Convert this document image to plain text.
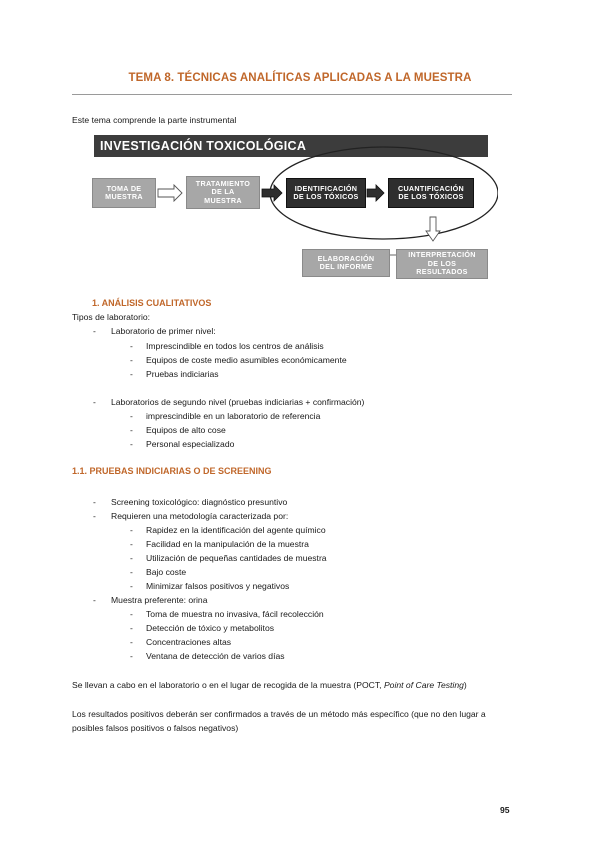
TEMA 8. TÉCNICAS ANALÍTICAS APLICADAS A LA MUESTRA
Este tema comprende la parte instrumental
INVESTIGACIÓN TOXICOLÓGICA
TOMA DE
MUESTRA
TRATAMIENTO
DE LA
MUESTRA
IDENTIFICACIÓN
DE LOS TÓXICOS
CUANTIFICACIÓN
DE LOS TÓXICOS
ELABORACIÓN
DEL INFORME
INTERPRETACIÓN
DE LOS
RESULTADOS
1. ANÁLISIS CUALITATIVOS
Tipos de laboratorio:
- Laboratorio de primer nivel:
- Imprescindible en todos los centros de análisis
- Equipos de coste medio asumibles económicamente
- Pruebas indiciarias
- Laboratorios de segundo nivel (pruebas indiciarias + confirmación)
- imprescindible en un laboratorio de referencia
- Equipos de alto cose
- Personal especializado
1.1. PRUEBAS INDICIARIAS O DE SCREENING
- Screening toxicológico: diagnóstico presuntivo
- Requieren una metodología caracterizada por:
- Rapidez en la identificación del agente químico
- Facilidad en la manipulación de la muestra
- Utilización de pequeñas cantidades de muestra
- Bajo coste
- Minimizar falsos positivos y negativos
- Muestra preferente: orina
- Toma de muestra no invasiva, fácil recolección
- Detección de tóxico y metabolitos
- Concentraciones altas
- Ventana de detección de varios días
Se llevan a cabo en el laboratorio o en el lugar de recogida de la muestra (POCT, Point of Care Testing)
Los resultados positivos deberán ser confirmados a través de un método más específico (que no den lugar a
posibles falsos positivos o falsos negativos)
95
